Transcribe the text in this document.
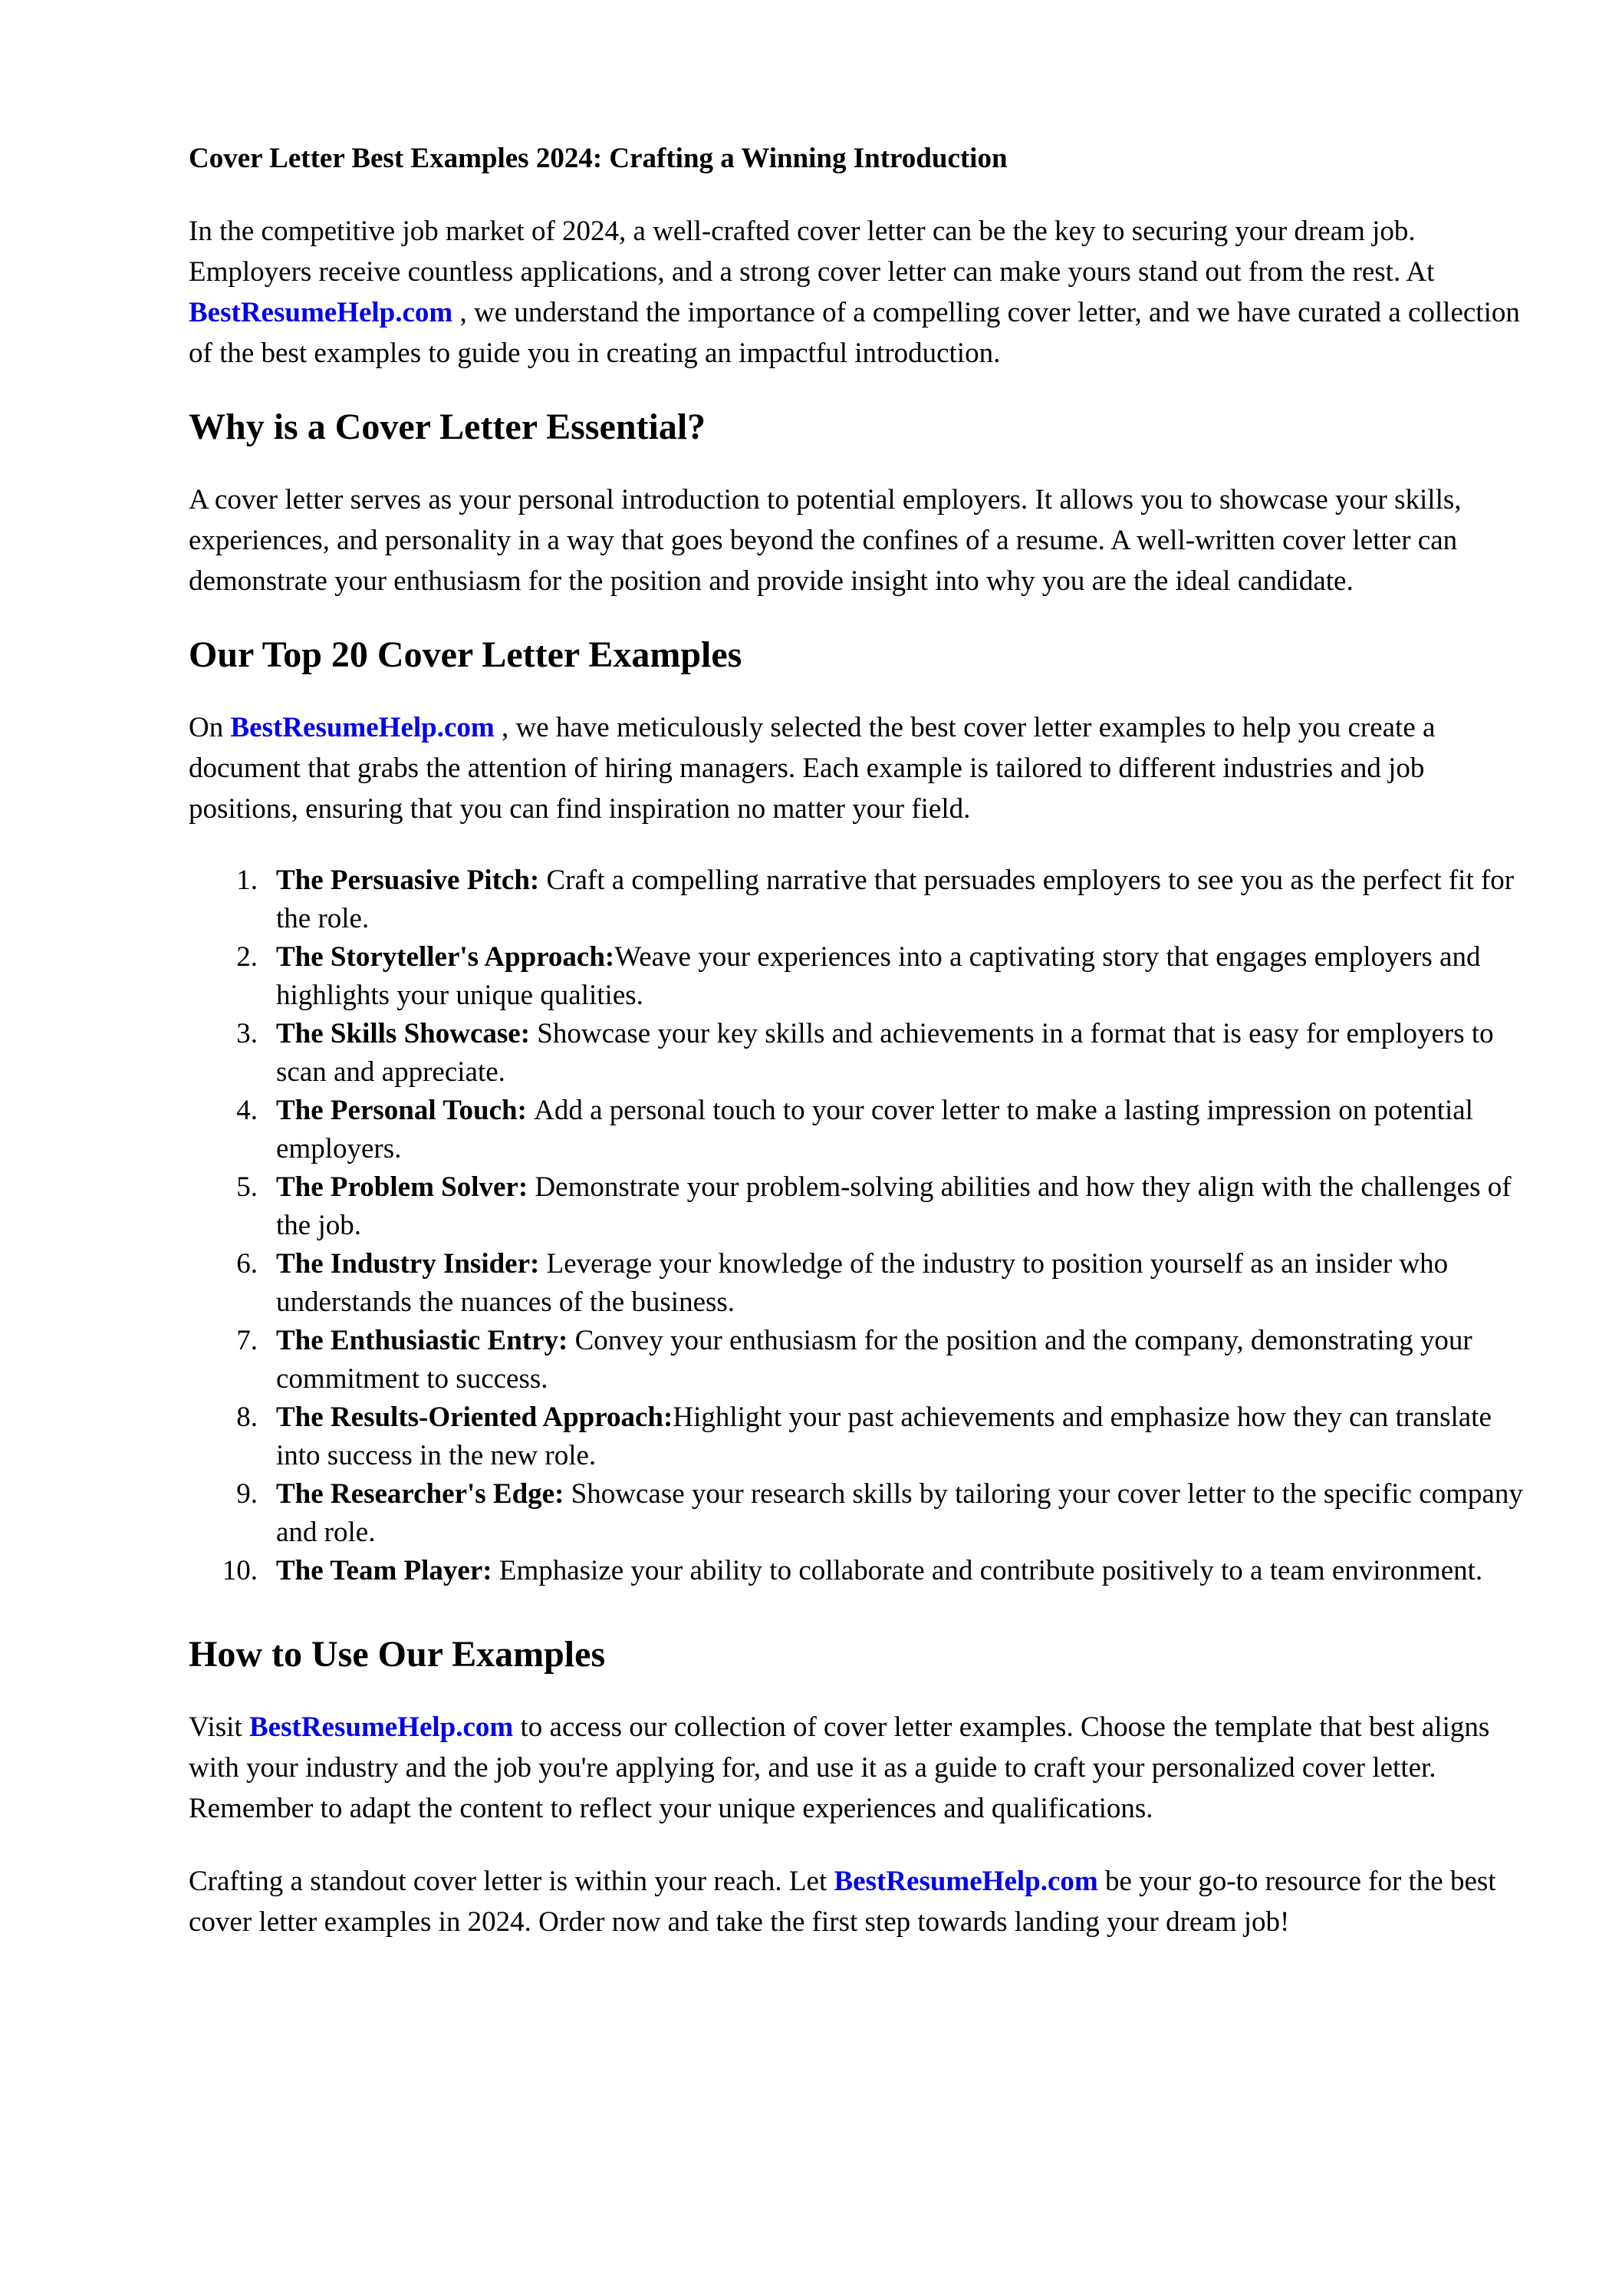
Cover Letter Best Examples 2024: Crafting a Winning Introduction

In the competitive job market of 2024, a well-crafted cover letter can be the key to securing your dream job. Employers receive countless applications, and a strong cover letter can make yours stand out from the rest. At BestResumeHelp.com , we understand the importance of a compelling cover letter, and we have curated a collection of the best examples to guide you in creating an impactful introduction.

Why is a Cover Letter Essential?

A cover letter serves as your personal introduction to potential employers. It allows you to showcase your skills, experiences, and personality in a way that goes beyond the confines of a resume. A well-written cover letter can demonstrate your enthusiasm for the position and provide insight into why you are the ideal candidate.

Our Top 20 Cover Letter Examples

On BestResumeHelp.com , we have meticulously selected the best cover letter examples to help you create a document that grabs the attention of hiring managers. Each example is tailored to different industries and job positions, ensuring that you can find inspiration no matter your field.

The Persuasive Pitch: Craft a compelling narrative that persuades employers to see you as the perfect fit for the role.
The Storyteller's Approach:Weave your experiences into a captivating story that engages employers and highlights your unique qualities.
The Skills Showcase: Showcase your key skills and achievements in a format that is easy for employers to scan and appreciate.
The Personal Touch: Add a personal touch to your cover letter to make a lasting impression on potential employers.
The Problem Solver: Demonstrate your problem-solving abilities and how they align with the challenges of the job.
The Industry Insider: Leverage your knowledge of the industry to position yourself as an insider who understands the nuances of the business.
The Enthusiastic Entry: Convey your enthusiasm for the position and the company, demonstrating your commitment to success.
The Results-Oriented Approach:Highlight your past achievements and emphasize how they can translate into success in the new role.
The Researcher's Edge: Showcase your research skills by tailoring your cover letter to the specific company and role.
The Team Player: Emphasize your ability to collaborate and contribute positively to a team environment.
How to Use Our Examples

Visit BestResumeHelp.com to access our collection of cover letter examples. Choose the template that best aligns with your industry and the job you're applying for, and use it as a guide to craft your personalized cover letter. Remember to adapt the content to reflect your unique experiences and qualifications.

Crafting a standout cover letter is within your reach. Let BestResumeHelp.com be your go-to resource for the best cover letter examples in 2024. Order now and take the first step towards landing your dream job!
